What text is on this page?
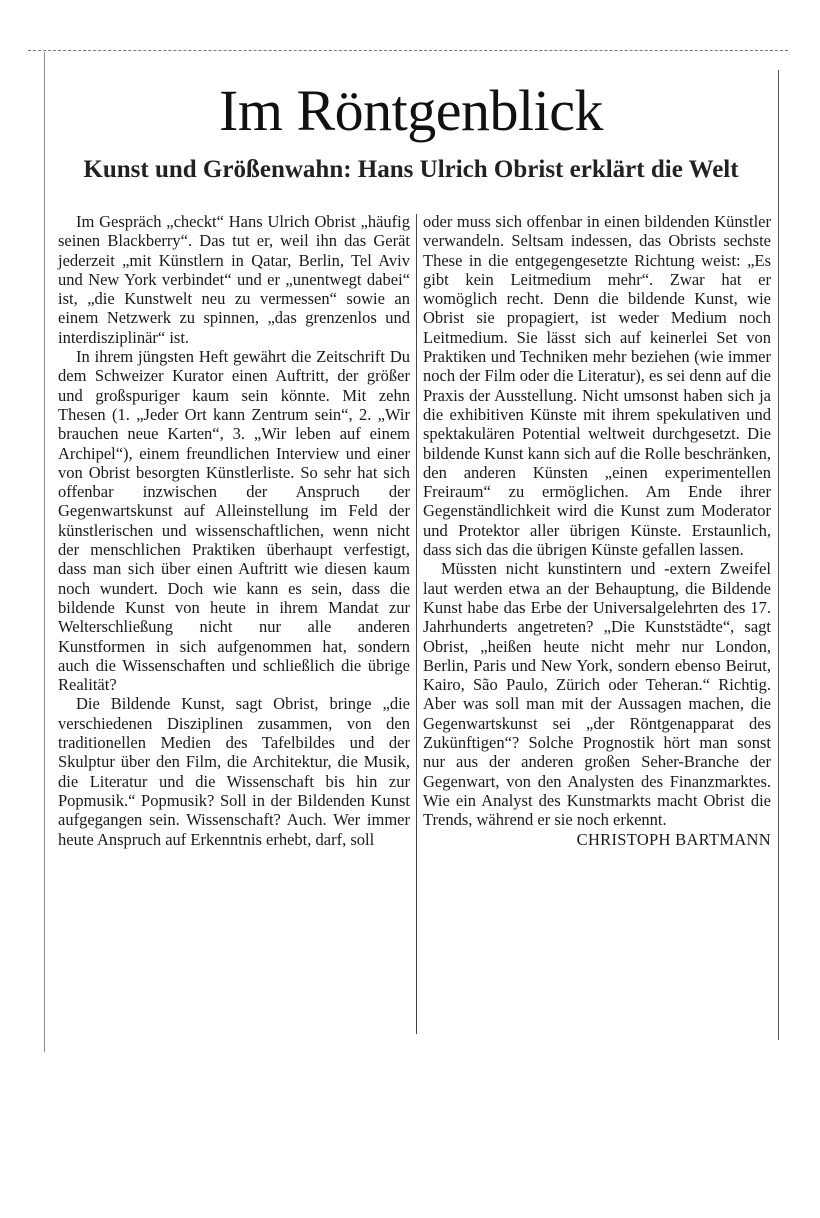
Im Röntgenblick
Kunst und Größenwahn: Hans Ulrich Obrist erklärt die Welt

Im Gespräch „checkt“ Hans Ulrich Obrist „häufig seinen Blackberry“. Das tut er, weil ihn das Gerät jederzeit „mit Künstlern in Qatar, Berlin, Tel Aviv und New York verbindet“ und er „unentwegt dabei“ ist, „die Kunstwelt neu zu vermessen“ sowie an einem Netzwerk zu spinnen, „das grenzenlos und interdisziplinär“ ist.

In ihrem jüngsten Heft gewährt die Zeitschrift Du dem Schweizer Kurator einen Auftritt, der größer und großspuriger kaum sein könnte. Mit zehn Thesen (1. „Jeder Ort kann Zentrum sein“, 2. „Wir brauchen neue Karten“, 3. „Wir leben auf einem Archipel“), einem freundlichen Interview und einer von Obrist besorgten Künstlerliste. So sehr hat sich offenbar inzwischen der Anspruch der Gegenwartskunst auf Alleinstellung im Feld der künstlerischen und wissenschaftlichen, wenn nicht der menschlichen Praktiken überhaupt verfestigt, dass man sich über einen Auftritt wie diesen kaum noch wundert. Doch wie kann es sein, dass die bildende Kunst von heute in ihrem Mandat zur Welterschließung nicht nur alle anderen Kunstformen in sich aufgenommen hat, sondern auch die Wissenschaften und schließlich die übrige Realität?

Die Bildende Kunst, sagt Obrist, bringe „die verschiedenen Disziplinen zusammen, von den traditionellen Medien des Tafelbildes und der Skulptur über den Film, die Architektur, die Musik, die Literatur und die Wissenschaft bis hin zur Popmusik.“ Popmusik? Soll in der Bildenden Kunst aufgegangen sein. Wissenschaft? Auch. Wer immer heute Anspruch auf Erkenntnis erhebt, darf, soll

oder muss sich offenbar in einen bildenden Künstler verwandeln. Seltsam indessen, das Obrists sechste These in die entgegengesetzte Richtung weist: „Es gibt kein Leitmedium mehr“. Zwar hat er womöglich recht. Denn die bildende Kunst, wie Obrist sie propagiert, ist weder Medium noch Leitmedium. Sie lässt sich auf keinerlei Set von Praktiken und Techniken mehr beziehen (wie immer noch der Film oder die Literatur), es sei denn auf die Praxis der Ausstellung. Nicht umsonst haben sich ja die exhibitiven Künste mit ihrem spekulativen und spektakulären Potential weltweit durchgesetzt. Die bildende Kunst kann sich auf die Rolle beschränken, den anderen Künsten „einen experimentellen Freiraum“ zu ermöglichen. Am Ende ihrer Gegenständlichkeit wird die Kunst zum Moderator und Protektor aller übrigen Künste. Erstaunlich, dass sich das die übrigen Künste gefallen lassen.

Müssten nicht kunstintern und -extern Zweifel laut werden etwa an der Behauptung, die Bildende Kunst habe das Erbe der Universalgelehrten des 17. Jahrhunderts angetreten? „Die Kunststädte“, sagt Obrist, „heißen heute nicht mehr nur London, Berlin, Paris und New York, sondern ebenso Beirut, Kairo, São Paulo, Zürich oder Teheran.“ Richtig. Aber was soll man mit der Aussagen machen, die Gegenwartskunst sei „der Röntgenapparat des Zukünftigen“? Solche Prognostik hört man sonst nur aus der anderen großen Seher-Branche der Gegenwart, von den Analysten des Finanzmarktes. Wie ein Analyst des Kunstmarkts macht Obrist die Trends, während er sie noch erkennt.
CHRISTOPH BARTMANN
